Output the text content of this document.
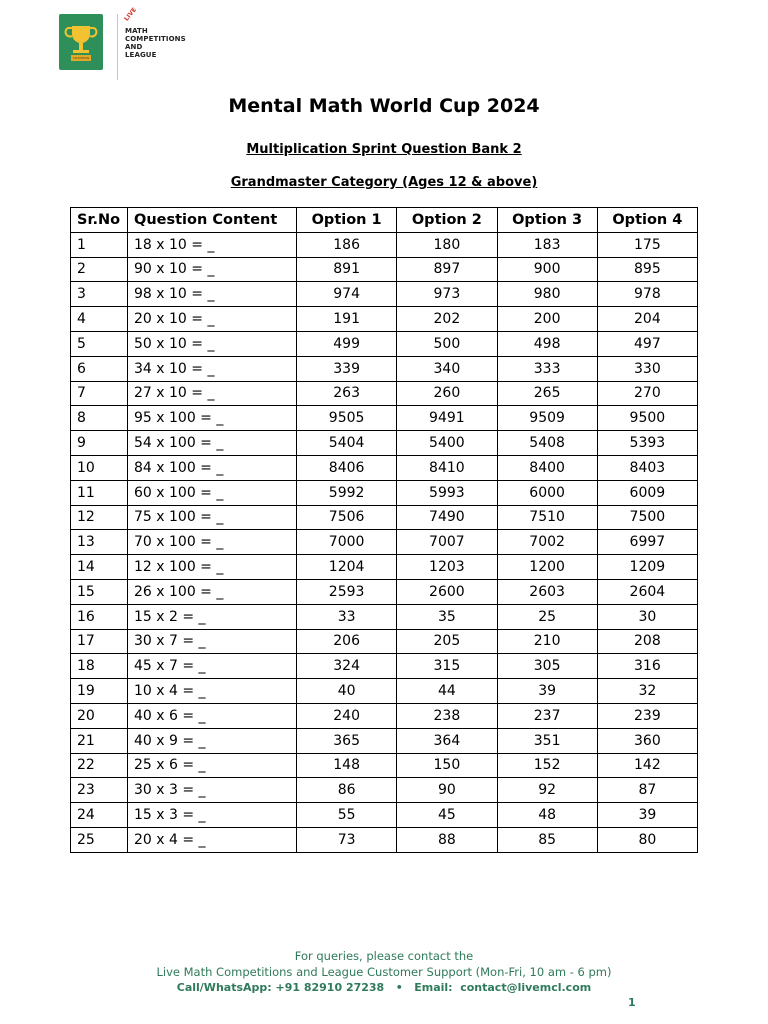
CHAMPION
LIVE
MATH
COMPETITIONS
AND
LEAGUE
Mental Math World Cup 2024
Multiplication Sprint Question Bank 2
Grandmaster Category (Ages 12 & above)
Sr.No	Question Content	Option 1	Option 2	Option 3	Option 4
1	18 x 10 = _	186	180	183	175
2	90 x 10 = _	891	897	900	895
3	98 x 10 = _	974	973	980	978
4	20 x 10 = _	191	202	200	204
5	50 x 10 = _	499	500	498	497
6	34 x 10 = _	339	340	333	330
7	27 x 10 = _	263	260	265	270
8	95 x 100 = _	9505	9491	9509	9500
9	54 x 100 = _	5404	5400	5408	5393
10	84 x 100 = _	8406	8410	8400	8403
11	60 x 100 = _	5992	5993	6000	6009
12	75 x 100 = _	7506	7490	7510	7500
13	70 x 100 = _	7000	7007	7002	6997
14	12 x 100 = _	1204	1203	1200	1209
15	26 x 100 = _	2593	2600	2603	2604
16	15 x 2 = _	33	35	25	30
17	30 x 7 = _	206	205	210	208
18	45 x 7 = _	324	315	305	316
19	10 x 4 = _	40	44	39	32
20	40 x 6 = _	240	238	237	239
21	40 x 9 = _	365	364	351	360
22	25 x 6 = _	148	150	152	142
23	30 x 3 = _	86	90	92	87
24	15 x 3 = _	55	45	48	39
25	20 x 4 = _	73	88	85	80
For queries, please contact the
Live Math Competitions and League Customer Support (Mon-Fri, 10 am - 6 pm)
Call/WhatsApp: +91 82910 27238   •   Email:  contact@livemcl.com
1
